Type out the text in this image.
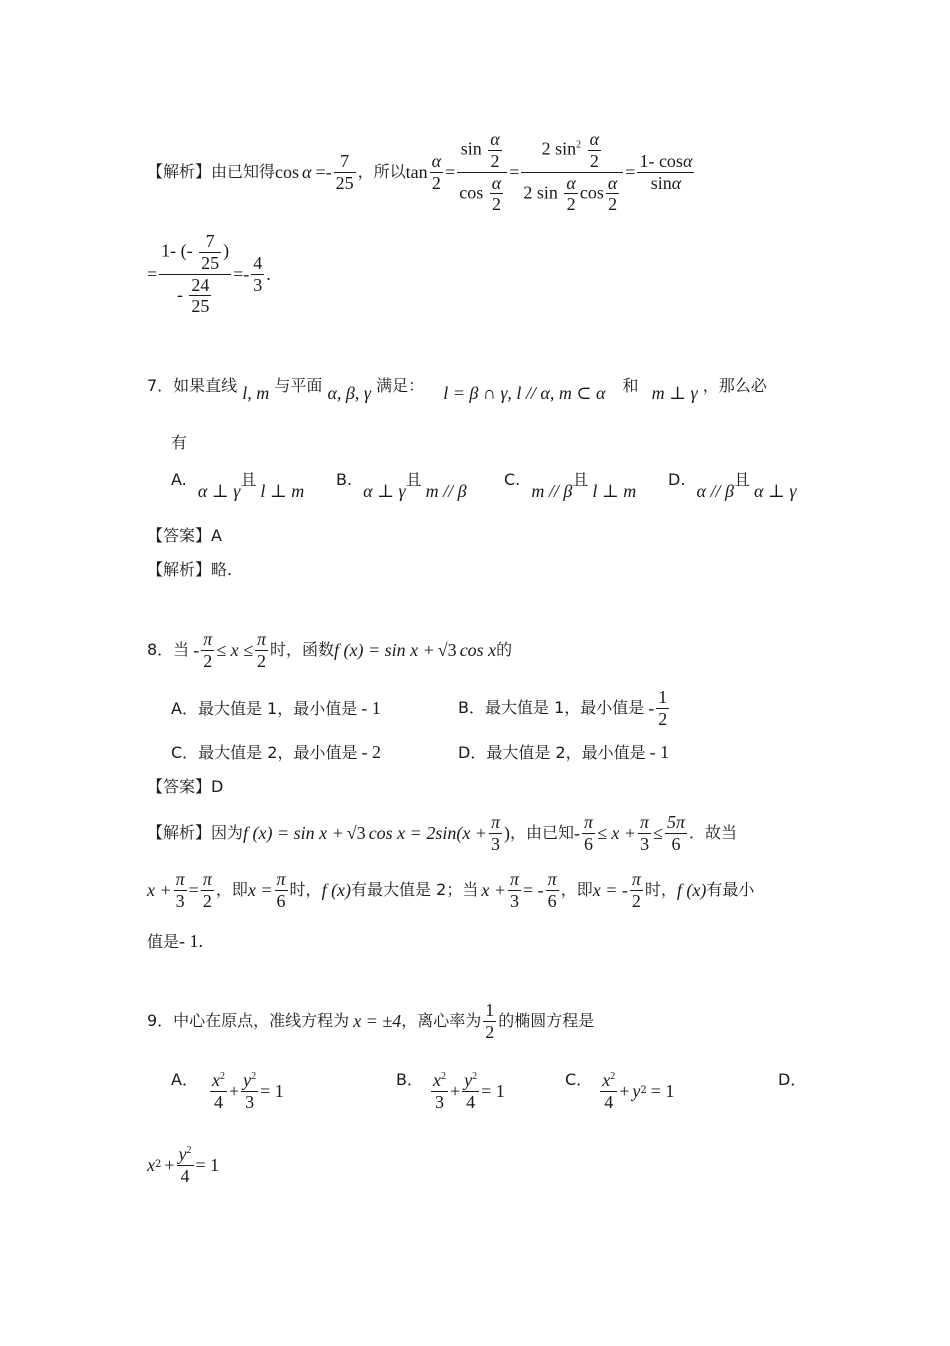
【解析】 由已知得 $\cos \alpha =- \frac{7}{25}$ ，所以 $\tan \frac{\alpha}{2} = \frac{\sin \frac{\alpha}{2}}{\cos \frac{\alpha}{2}} = \frac{2 \sin^2 \frac{\alpha}{2}}{2 \sin \frac{\alpha}{2} \cos \frac{\alpha}{2}} = \frac{1- \cos\alpha}{\sin\alpha}$
= $\frac{1- (- \frac{7}{25} )}{- \frac{24}{25}} =- \frac{4}{3}$ .
7．如果直线 l, m 与平面 α, β, γ 满足： l = β ∩ γ, l // α, m ⊂ α 和 m ⊥ γ ，那么必
有
A. α ⊥ γ且l ⊥ m
B. α ⊥ γ且m // β
C. m // β且l ⊥ m
D. α // β且α ⊥ γ
【答案】A
【解析】略.
8．当 - $\frac{\pi}{2} \le x \le \frac{\pi}{2}$ 时，函数 f (x) = sin x + √3 cos x 的
A．最大值是 1，最小值是 - 1	B．最大值是 1，最小值是 - $\frac{1}{2}$
C．最大值是 2，最小值是 - 2	D．最大值是 2，最小值是 - 1
【答案】D
【解析】因为 f (x) = sin x + √3 $\cos x = 2\sin(x + \frac{\pi}{3}$ ) ，由已知 - $\frac{\pi}{6} \le x + \frac{\pi}{3} \le \frac{5\pi}{6}$ ．故当
$x + \frac{\pi}{3} = \frac{\pi}{2}$ ，即 $x = \frac{\pi}{6}$ 时， f (x) 有最大值是 2；当 $x + \frac{\pi}{3}$ = - $\frac{\pi}{6}$ ，即 x = - $\frac{\pi}{2}$ 时， f (x) 有最小
值是- 1.
9．中心在原点，准线方程为 x = ±4 ，离心率为 $\frac{1}{2}$ 的椭圆方程是
A． $\frac{x^2}{4} + \frac{y^2}{3} = 1$
B． $\frac{x^2}{3} + \frac{y^2}{4} = 1$
C． $\frac{x^2}{4} + y$ 2 = 1
D．
x $2 + \frac{y^2}{4} = 1$
